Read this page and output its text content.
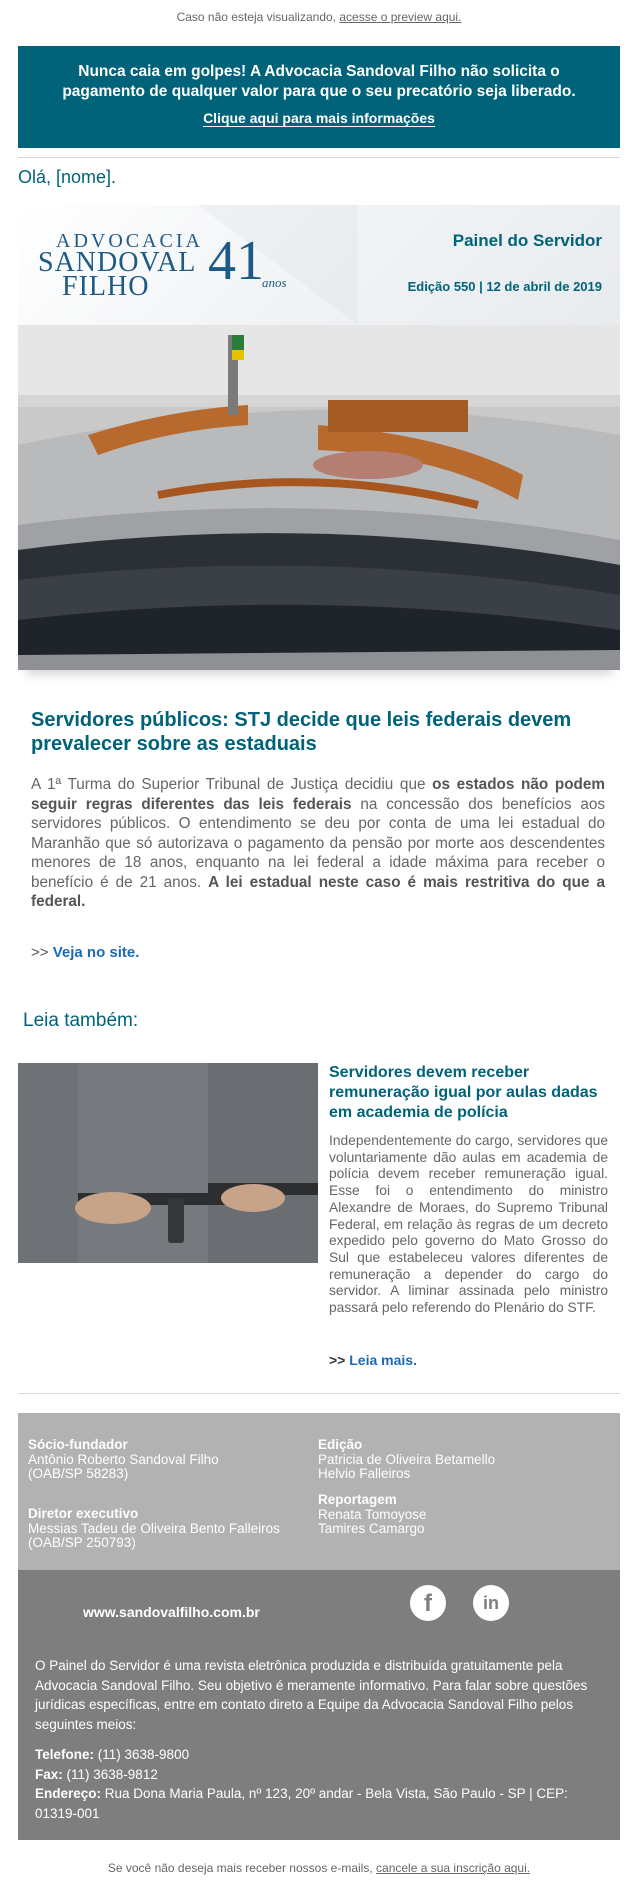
Caso não esteja visualizando, acesse o preview aqui.
Nunca caia em golpes! A Advocacia Sandoval Filho não solicita o pagamento de qualquer valor para que o seu precatório seja liberado.
Clique aqui para mais informações
Olá, [nome].
ADVOCACIA
SANDOVAL
FILHO	41
anos
Painel do Servidor
Edição 550 | 12 de abril de 2019
Servidores públicos: STJ decide que leis federais devem prevalecer sobre as estaduais
A 1ª Turma do Superior Tribunal de Justiça decidiu que os estados não podem seguir regras diferentes das leis federais na concessão dos benefícios aos servidores públicos. O entendimento se deu por conta de uma lei estadual do Maranhão que só autorizava o pagamento da pensão por morte aos descendentes menores de 18 anos, enquanto na lei federal a idade máxima para receber o benefício é de 21 anos. A lei estadual neste caso é mais restritiva do que a federal.
>> Veja no site.
Leia também:
Servidores devem receber remuneração igual por aulas dadas em academia de polícia
Independentemente do cargo, servidores que voluntariamente dão aulas em academia de polícia devem receber remuneração igual. Esse foi o entendimento do ministro Alexandre de Moraes, do Supremo Tribunal Federal, em relação às regras de um decreto expedido pelo governo do Mato Grosso do Sul que estabeleceu valores diferentes de remuneração a depender do cargo do servidor. A liminar assinada pelo ministro passará pelo referendo do Plenário do STF.
>> Leia mais.
Sócio-fundador
Antônio Roberto Sandoval Filho
(OAB/SP 58283)
Diretor executivo
Messias Tadeu de Oliveira Bento Falleiros
(OAB/SP 250793)
Edição
Patricia de Oliveira Betamello
Helvio Falleiros
Reportagem
Renata Tomoyose
Tamires Camargo
www.sandovalfilho.com.br	f	in
O Painel do Servidor é uma revista eletrônica produzida e distribuída gratuitamente pela Advocacia Sandoval Filho. Seu objetivo é meramente informativo. Para falar sobre questões jurídicas específicas, entre em contato direto a Equipe da Advocacia Sandoval Filho pelos seguintes meios:
Telefone: (11) 3638-9800
Fax: (11) 3638-9812
Endereço: Rua Dona Maria Paula, nº 123, 20º andar - Bela Vista, São Paulo - SP | CEP: 01319-001
Se você não deseja mais receber nossos e-mails, cancele a sua inscrição aqui.
